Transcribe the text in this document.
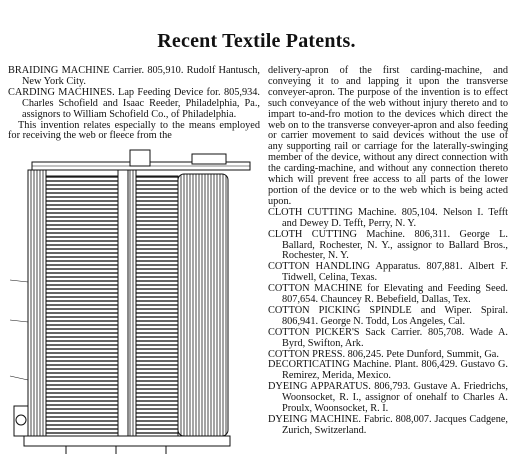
Recent Textile Patents.
BRAIDING MACHINE Carrier. 805,910. Rudolf Hantusch, New York City.
CARDING MACHINES. Lap Feeding Device for. 805,934. Charles Schofield and Isaac Reeder, Philadelphia, Pa., assignors to William Schofield Co., of Philadelphia.
This invention relates especially to the means employed for receiving the web or fleece from the
delivery-apron of the first carding-machine, and conveying it to and lapping it upon the transverse conveyer-apron. The purpose of the invention is to effect such conveyance of the web without injury thereto and to impart to-and-fro motion to the devices which direct the web on to the transverse conveyer-apron and also feeding or carrier movement to said devices without the use of any supporting rail or carriage for the laterally-swinging member of the device, without any direct connection with the carding-machine, and without any connection thereto which will prevent free access to all parts of the lower portion of the device or to the web which is being acted upon.
CLOTH CUTTING Machine. 805,104. Nelson I. Tefft and Dewey D. Tefft, Perry, N. Y.
CLOTH CUTTING Machine. 806,311. George L. Ballard, Rochester, N. Y., assignor to Ballard Bros., Rochester, N. Y.
COTTON HANDLING Apparatus. 807,881. Albert F. Tidwell, Celina, Texas.
COTTON MACHINE for Elevating and Feeding Seed. 807,654. Chauncey R. Bebefield, Dallas, Tex.
COTTON PICKING SPINDLE and Wiper. Spiral. 806,941. George N. Todd, Los Angeles, Cal.
COTTON PICKER'S Sack Carrier. 805,708. Wade A. Byrd, Swifton, Ark.
COTTON PRESS. 806,245. Pete Dunford, Summit, Ga.
DECORTICATING Machine. Plant. 806,429. Gustavo G. Remirez, Merida, Mexico.
DYEING APPARATUS. 806,793. Gustave A. Friedrichs, Woonsocket, R. I., assignor of onehalf to Charles A. Proulx, Woonsocket, R. I.
DYEING MACHINE. Fabric. 808,007. Jacques Cadgene, Zurich, Switzerland.
